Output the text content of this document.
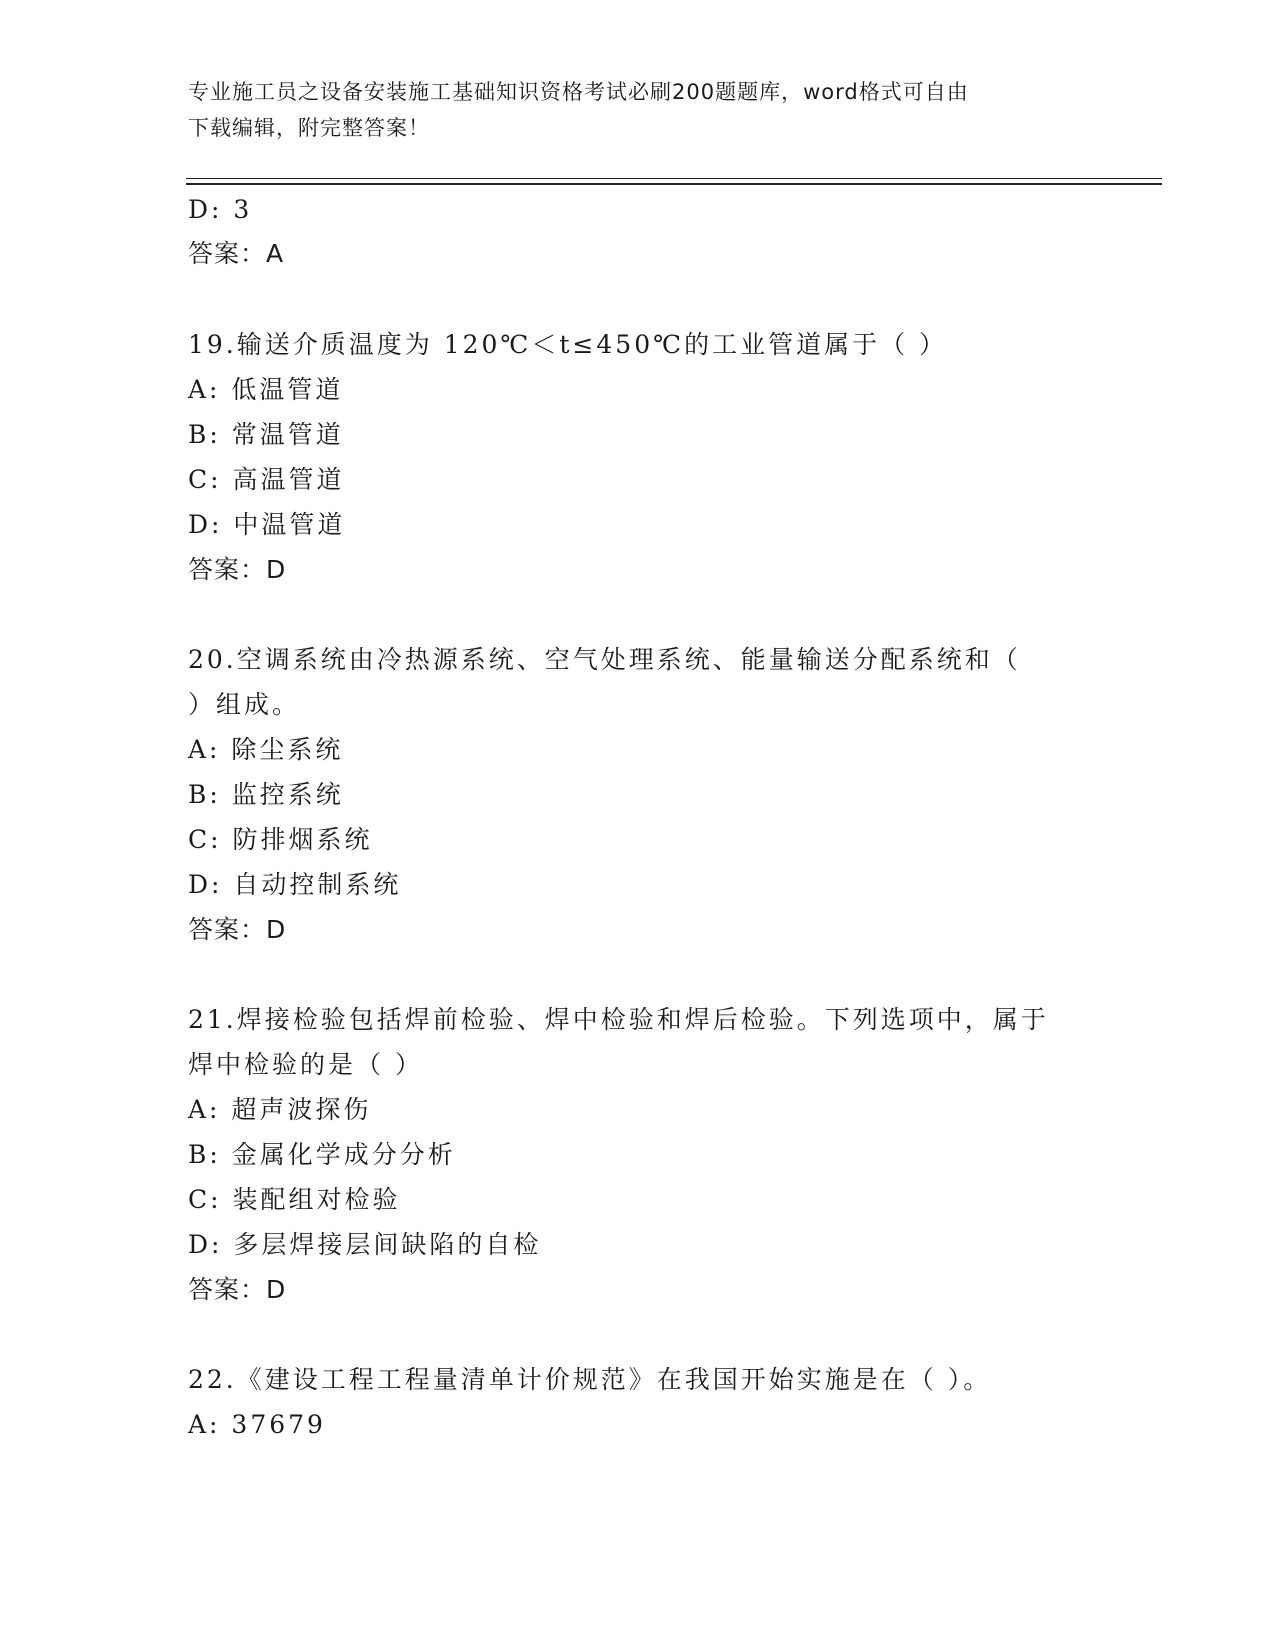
专业施工员之设备安装施工基础知识资格考试必刷200题题库，word格式可自由
下载编辑，附完整答案！
D: 3
答案：A
19.输送介质温度为 120℃＜t≤450℃的工业管道属于（ ）
A: 低温管道
B: 常温管道
C: 高温管道
D: 中温管道
答案：D
20.空调系统由冷热源系统、空气处理系统、能量输送分配系统和（
）组成。
A: 除尘系统
B: 监控系统
C: 防排烟系统
D: 自动控制系统
答案：D
21.焊接检验包括焊前检验、焊中检验和焊后检验。下列选项中，属于
焊中检验的是（ ）
A: 超声波探伤
B: 金属化学成分分析
C: 装配组对检验
D: 多层焊接层间缺陷的自检
答案：D
22.《建设工程工程量清单计价规范》在我国开始实施是在（ ）。
A: 37679
